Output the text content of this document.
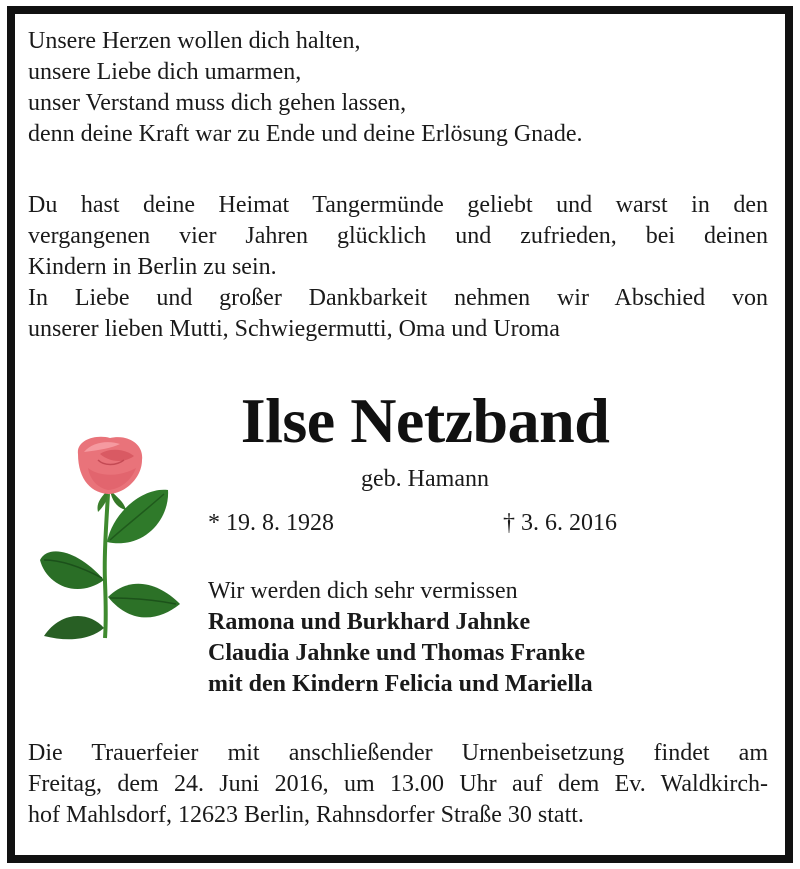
Unsere Herzen wollen dich halten,
unsere Liebe dich umarmen,
unser Verstand muss dich gehen lassen,
denn deine Kraft war zu Ende und deine Erlösung Gnade.
Du hast deine Heimat Tangermünde geliebt und warst in den
vergangenen vier Jahren glücklich und zufrieden, bei deinen
Kindern in Berlin zu sein.
In Liebe und großer Dankbarkeit nehmen wir Abschied von
unserer lieben Mutti, Schwiegermutti, Oma und Uroma
Ilse Netzband
geb. Hamann
* 19. 8. 1928	† 3. 6. 2016
Wir werden dich sehr vermissen
Ramona und Burkhard Jahnke
Claudia Jahnke und Thomas Franke
mit den Kindern Felicia und Mariella
Die Trauerfeier mit anschließender Urnenbeisetzung findet am
Freitag, dem 24. Juni 2016, um 13.00 Uhr auf dem Ev. Waldkirch-
hof Mahlsdorf, 12623 Berlin, Rahnsdorfer Straße 30 statt.
